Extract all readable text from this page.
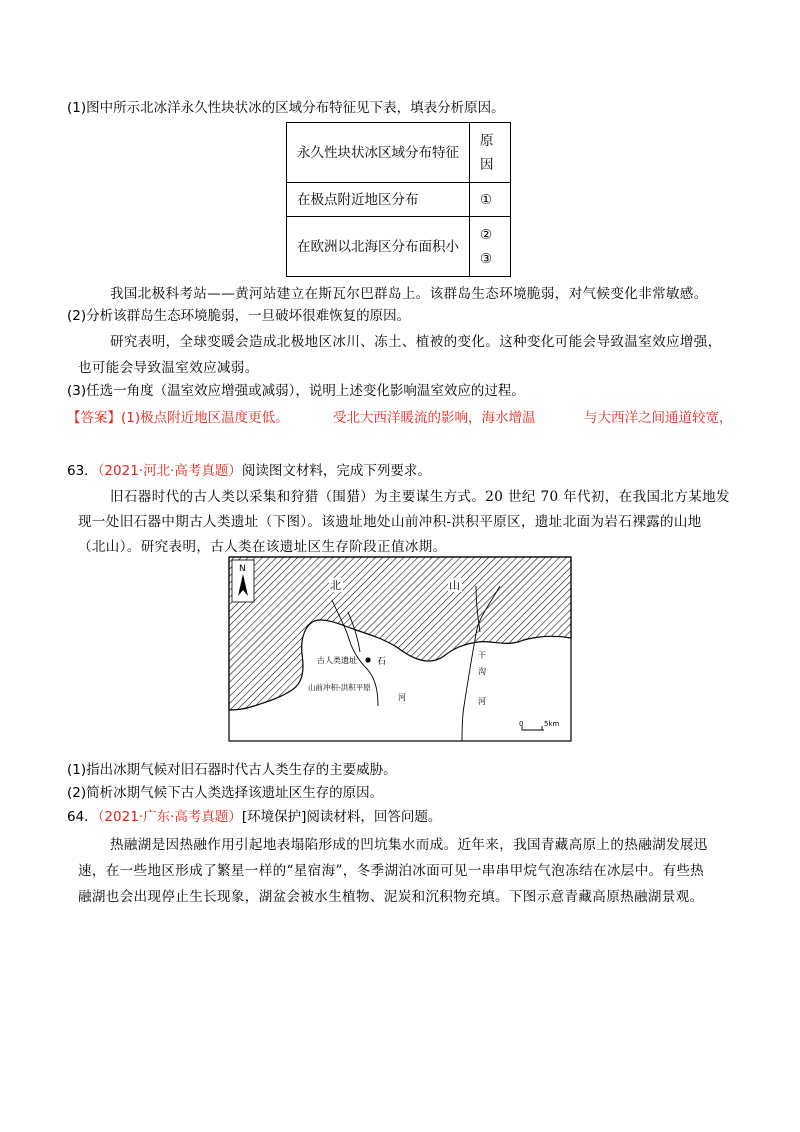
(1)图中所示北冰洋永久性块状冰的区域分布特征见下表，填表分析原因。
永久性块状冰区域分布特征	原因
在极点附近地区分布	①
在欧洲以北海区分布面积小	②
③
我国北极科考站——黄河站建立在斯瓦尔巴群岛上。该群岛生态环境脆弱，对气候变化非常敏感。
(2)分析该群岛生态环境脆弱，一旦破坏很难恢复的原因。
研究表明，全球变暖会造成北极地区冰川、冻土、植被的变化。这种变化可能会导致温室效应增强，
也可能会导致温室效应减弱。
(3)任选一角度（温室效应增强或减弱），说明上述变化影响温室效应的过程。
【答案】(1)极点附近地区温度更低。	受北大西洋暖流的影响，海水增温	与大西洋之间通道较宽，
63．（2021·河北·高考真题）阅读图文材料，完成下列要求。
旧石器时代的古人类以采集和狩猎（围猎）为主要谋生方式。20 世纪 70 年代初，在我国北方某地发
现一处旧石器中期古人类遗址（下图）。该遗址地处山前冲积-洪积平原区，遗址北面为岩石裸露的山地
（北山）。研究表明，古人类在该遗址区生存阶段正值冰期。
N
北	山
古人类遗址 石
山前冲积-洪积平原
河
干
沟
河
0	5km
(1)指出冰期气候对旧石器时代古人类生存的主要威胁。
(2)简析冰期气候下古人类选择该遗址区生存的原因。
64．（2021·广东·高考真题）[环境保护]阅读材料，回答问题。
热融湖是因热融作用引起地表塌陷形成的凹坑集水而成。近年来，我国青藏高原上的热融湖发展迅
速，在一些地区形成了繁星一样的“星宿海”，冬季湖泊冰面可见一串串甲烷气泡冻结在冰层中。有些热
融湖也会出现停止生长现象，湖盆会被水生植物、泥炭和沉积物充填。下图示意青藏高原热融湖景观。
